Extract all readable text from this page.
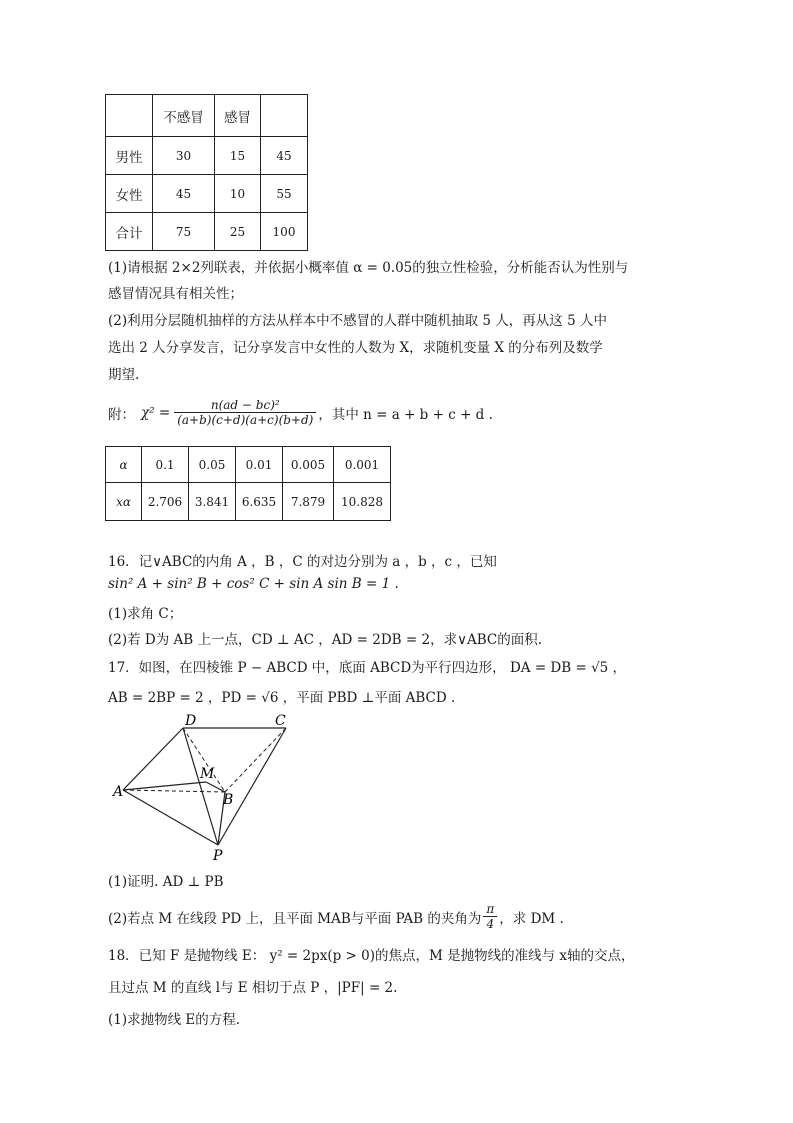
	不感冒	感冒	
男性	30	15	45
女性	45	10	55
合计	75	25	100
(1)请根据 2×2列联表，并依据小概率值 α = 0.05的独立性检验，分析能否认为性别与
感冒情况具有相关性；
(2)利用分层随机抽样的方法从样本中不感冒的人群中随机抽取 5 人，再从这 5 人中
选出 2 人分享发言，记分享发言中女性的人数为 X，求随机变量 X 的分布列及数学
期望.
附： $\chi^2 = \frac{\text{n(ad − bc)²}}{(a+b)(c+d)(a+c)(b+d)}$ ，其中 n = a + b + c + d .
α	0.1	0.05	0.01	0.005	0.001
xα	2.706	3.841	6.635	7.879	10.828
16．记∨ABC的内角 A ，B ，C 的对边分别为 a ，b ，c ，已知
sin² A + sin² B + cos² C + sin A sin B = 1 .
(1)求角 C；
(2)若 D为 AB 上一点，CD ⊥ AC ，AD = 2DB = 2，求∨ABC的面积.
17．如图，在四棱锥 P − ABCD 中，底面 ABCD为平行四边形， DA = DB = √5 ，
AB = 2BP = 2 ，PD = √6 ，平面 PBD ⊥平面 ABCD .
D	C
A
M
B
P
(1)证明. AD ⊥ PB
(2)若点 M 在线段 PD 上，且平面 MAB与平面 PAB 的夹角为 $\frac{\pi}{4}$ ，求 DM .
18．已知 F 是抛物线 E： y² = 2px(p > 0)的焦点，M 是抛物线的准线与 x轴的交点，
且过点 M 的直线 l与 E 相切于点 P ，|PF| = 2.
(1)求抛物线 E的方程.
